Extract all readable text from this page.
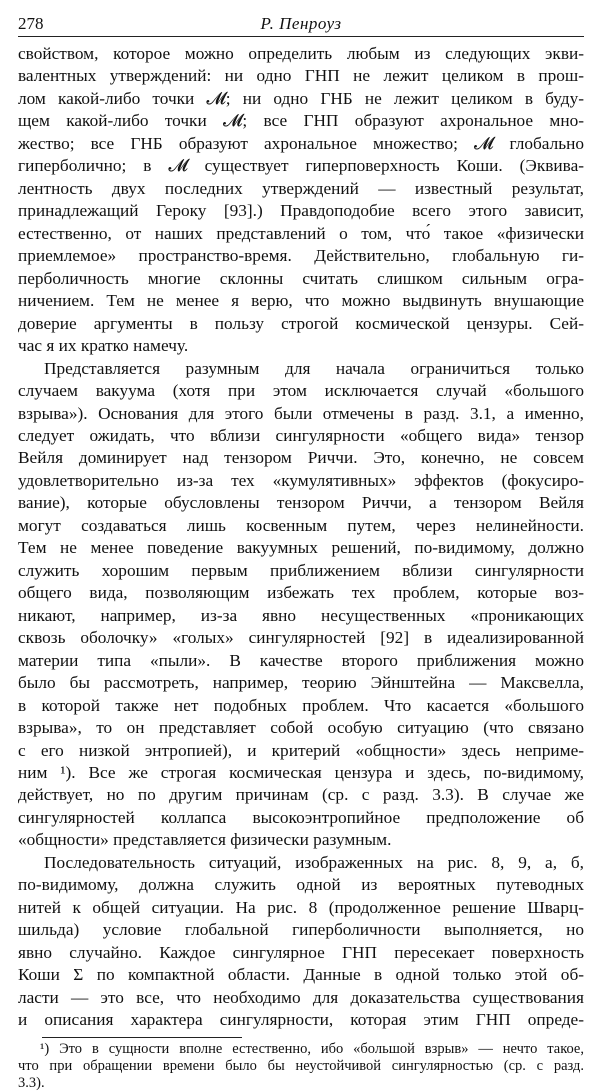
278	Р. Пенроуз
свойством, которое можно определить любым из следующих экви-
валентных утверждений: ни одно ГНП не лежит целиком в прош-
лом какой-либо точки 𝓜; ни одно ГНБ не лежит целиком в буду-
щем какой-либо точки 𝓜; все ГНП образуют ахрональное мно-
жество; все ГНБ образуют ахрональное множество; 𝓜 глобально
гиперболично; в 𝓜 существует гиперповерхность Коши. (Эквива-
лентность двух последних утверждений — известный результат,
принадлежащий Героку [93].) Правдоподобие всего этого зависит,
естественно, от наших представлений о том, что́ такое «физически
приемлемое» пространство-время. Действительно, глобальную ги-
перболичность многие склонны считать слишком сильным огра-
ничением. Тем не менее я верю, что можно выдвинуть внушающие
доверие аргументы в пользу строгой космической цензуры. Сей-
час я их кратко намечу.
Представляется разумным для начала ограничиться только
случаем вакуума (хотя при этом исключается случай «большого
взрыва»). Основания для этого были отмечены в разд. 3.1, а именно,
следует ожидать, что вблизи сингулярности «общего вида» тензор
Вейля доминирует над тензором Риччи. Это, конечно, не совсем
удовлетворительно из-за тех «кумулятивных» эффектов (фокусиро-
вание), которые обусловлены тензором Риччи, а тензором Вейля
могут создаваться лишь косвенным путем, через нелинейности.
Тем не менее поведение вакуумных решений, по-видимому, должно
служить хорошим первым приближением вблизи сингулярности
общего вида, позволяющим избежать тех проблем, которые воз-
никают, например, из-за явно несущественных «проникающих
сквозь оболочку» «голых» сингулярностей [92] в идеализированной
материи типа «пыли». В качестве второго приближения можно
было бы рассмотреть, например, теорию Эйнштейна — Максвелла,
в которой также нет подобных проблем. Что касается «большого
взрыва», то он представляет собой особую ситуацию (что связано
с его низкой энтропией), и критерий «общности» здесь неприме-
ним ¹). Все же строгая космическая цензура и здесь, по-видимому,
действует, но по другим причинам (ср. с разд. 3.3). В случае же
сингулярностей коллапса высокоэнтропийное предположение об
«общности» представляется физически разумным.
Последовательность ситуаций, изображенных на рис. 8, 9, а, б,
по-видимому, должна служить одной из вероятных путеводных
нитей к общей ситуации. На рис. 8 (продолженное решение Шварц-
шильда) условие глобальной гиперболичности выполняется, но
явно случайно. Каждое сингулярное ГНП пересекает поверхность
Коши Σ по компактной области. Данные в одной только этой об-
ласти — это все, что необходимо для доказательства существования
и описания характера сингулярности, которая этим ГНП опреде-
¹) Это в сущности вполне естественно, ибо «большой взрыв» — нечто такое,
что при обращении времени было бы неустойчивой сингулярностью (ср. с разд.
3.3).
